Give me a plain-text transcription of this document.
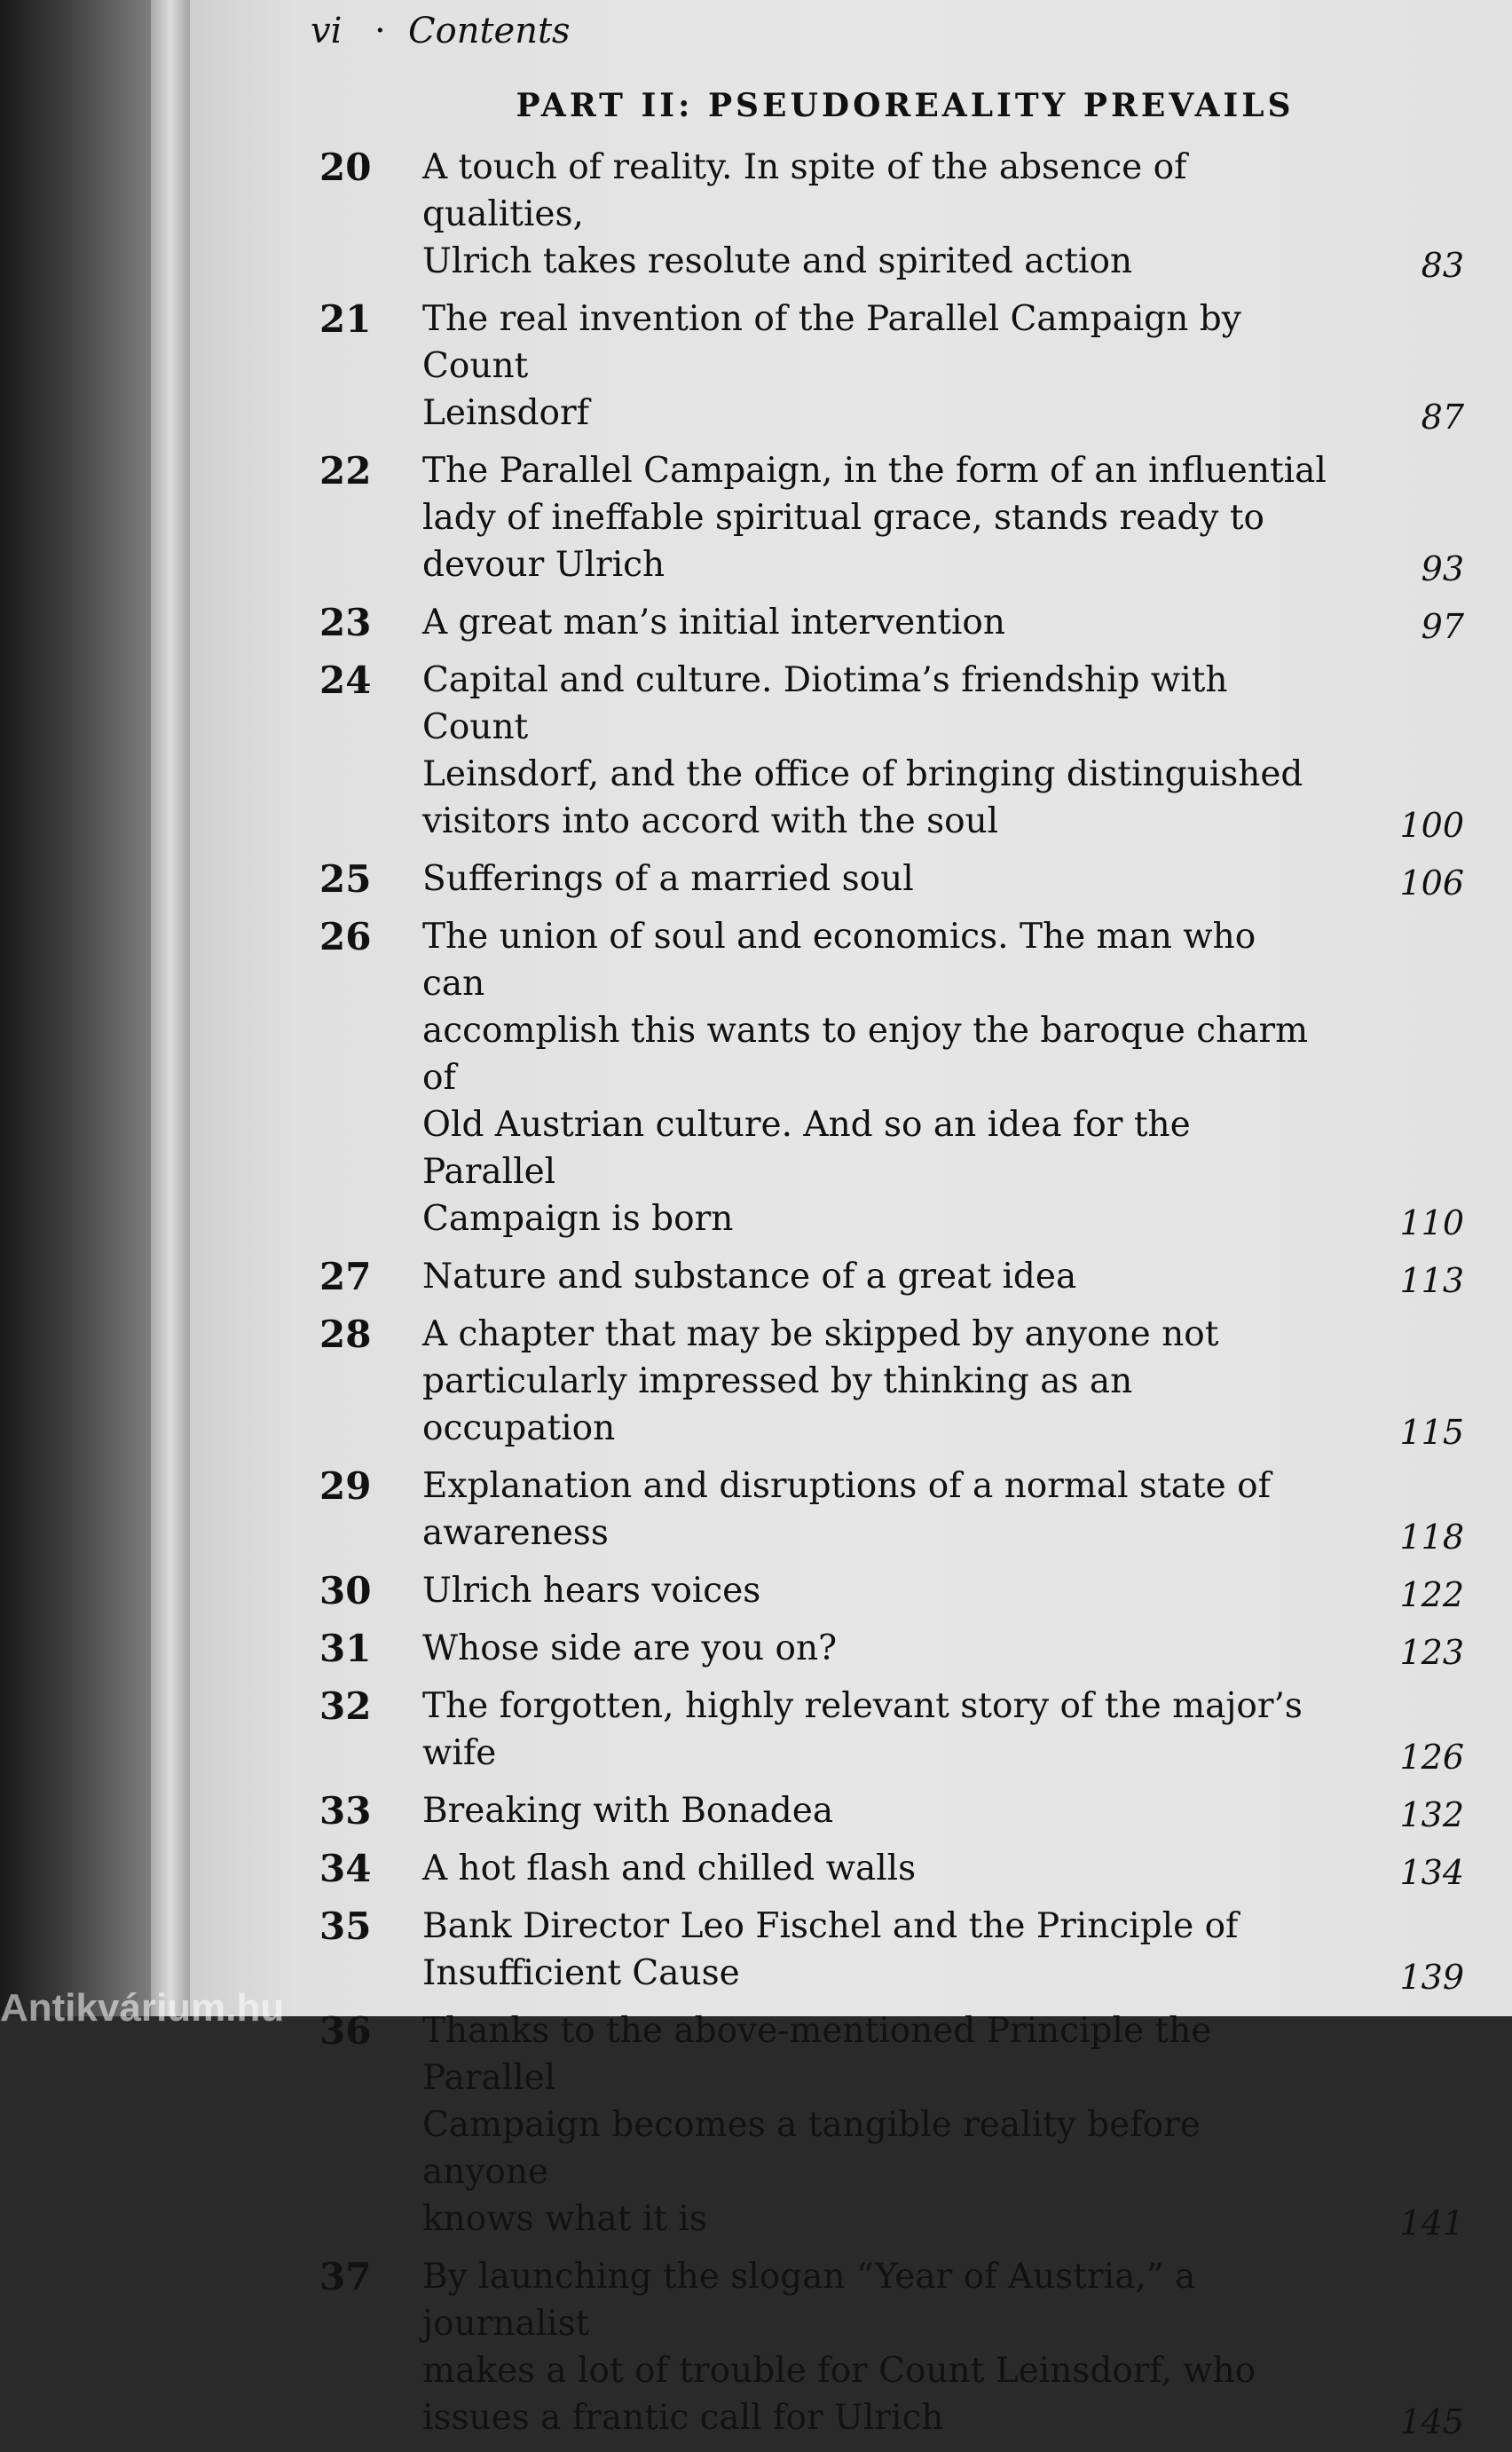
vi · Contents
PART II: PSEUDOREALITY PREVAILS
20	A touch of reality. In spite of the absence of qualities,
Ulrich takes resolute and spirited action	83
21	The real invention of the Parallel Campaign by Count
Leinsdorf	87
22	The Parallel Campaign, in the form of an influential
lady of ineffable spiritual grace, stands ready to
devour Ulrich	93
23	A great man’s initial intervention	97
24	Capital and culture. Diotima’s friendship with Count
Leinsdorf, and the office of bringing distinguished
visitors into accord with the soul	100
25	Sufferings of a married soul	106
26	The union of soul and economics. The man who can
accomplish this wants to enjoy the baroque charm of
Old Austrian culture. And so an idea for the Parallel
Campaign is born	110
27	Nature and substance of a great idea	113
28	A chapter that may be skipped by anyone not
particularly impressed by thinking as an occupation	115
29	Explanation and disruptions of a normal state of
awareness	118
30	Ulrich hears voices	122
31	Whose side are you on?	123
32	The forgotten, highly relevant story of the major’s
wife	126
33	Breaking with Bonadea	132
34	A hot flash and chilled walls	134
35	Bank Director Leo Fischel and the Principle of
Insufficient Cause	139
36	Thanks to the above-mentioned Principle the Parallel
Campaign becomes a tangible reality before anyone
knows what it is	141
37	By launching the slogan “Year of Austria,” a journalist
makes a lot of trouble for Count Leinsdorf, who
issues a frantic call for Ulrich	145
Antikvárium.hu
